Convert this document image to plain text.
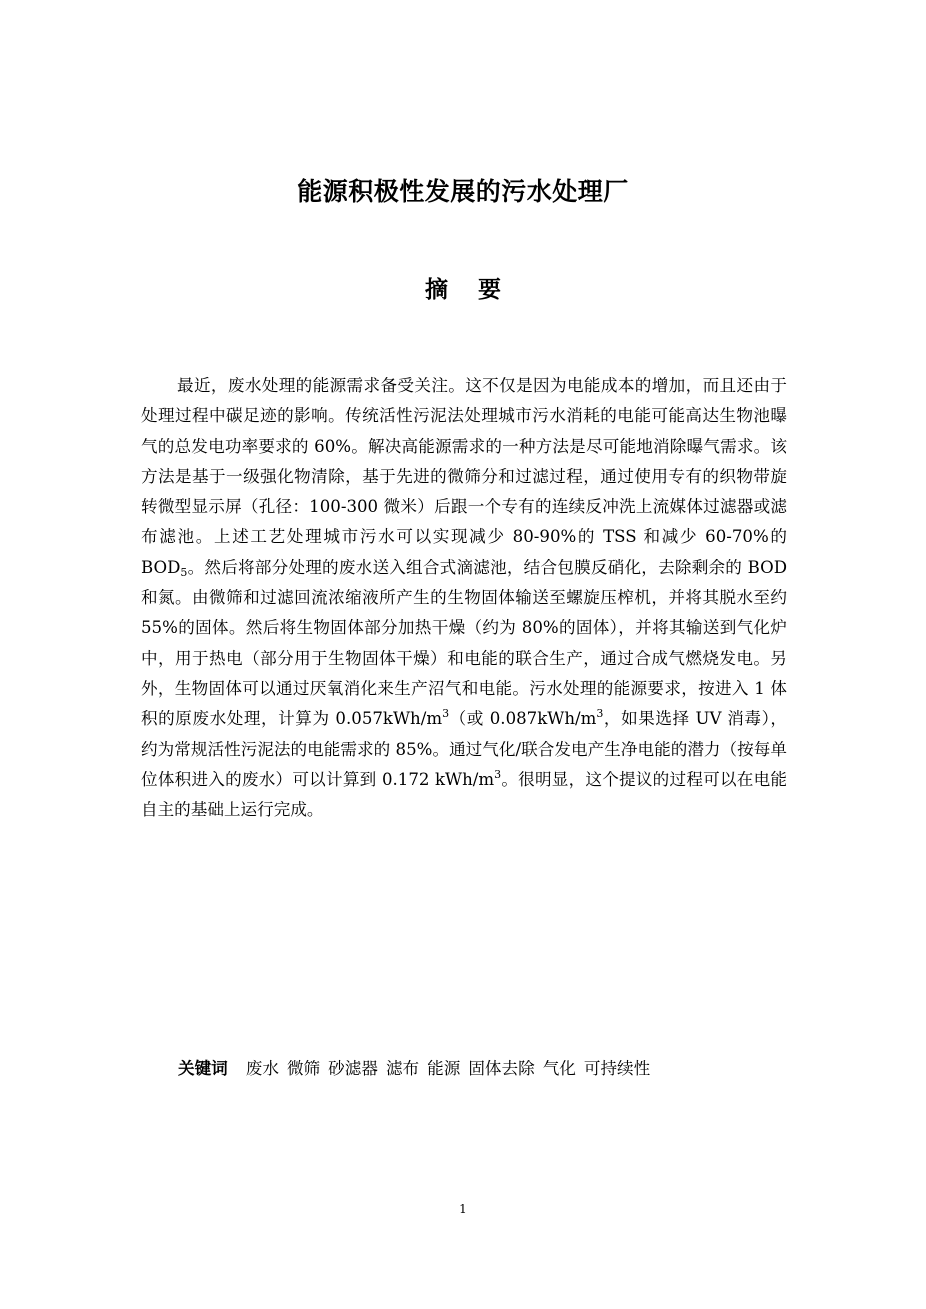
能源积极性发展的污水处理厂
摘 要

最近，废水处理的能源需求备受关注。这不仅是因为电能成本的增加，而且还由于处理过程中碳足迹的影响。传统活性污泥法处理城市污水消耗的电能可能高达生物池曝气的总发电功率要求的 60%。解决高能源需求的一种方法是尽可能地消除曝气需求。该方法是基于一级强化物清除，基于先进的微筛分和过滤过程，通过使用专有的织物带旋转微型显示屏（孔径：100-300 微米）后跟一个专有的连续反冲洗上流媒体过滤器或滤布滤池。上述工艺处理城市污水可以实现减少 80-90%的 TSS 和减少 60-70%的$BOD_5$。然后将部分处理的废水送入组合式滴滤池，结合包膜反硝化，去除剩余的 BOD 和氮。由微筛和过滤回流浓缩液所产生的生物固体输送至螺旋压榨机，并将其脱水至约 55%的固体。然后将生物固体部分加热干燥（约为 80%的固体），并将其输送到气化炉中，用于热电（部分用于生物固体干燥）和电能的联合生产，通过合成气燃烧发电。另外，生物固体可以通过厌氧消化来生产沼气和电能。污水处理的能源要求，按进入 1 体积的原废水处理，计算为 $0.057kWh/m^3$（或 $0.087kWh/m^3$，如果选择 UV 消毒），约为常规活性污泥法的电能需求的 85%。通过气化/联合发电产生净电能的潜力（按每单位体积进入的废水）可以计算到 0.172 kWh/$m^3$。很明显，这个提议的过程可以在电能自主的基础上运行完成。

关键词 废水 微筛 砂滤器 滤布 能源 固体去除 气化 可持续性
1
